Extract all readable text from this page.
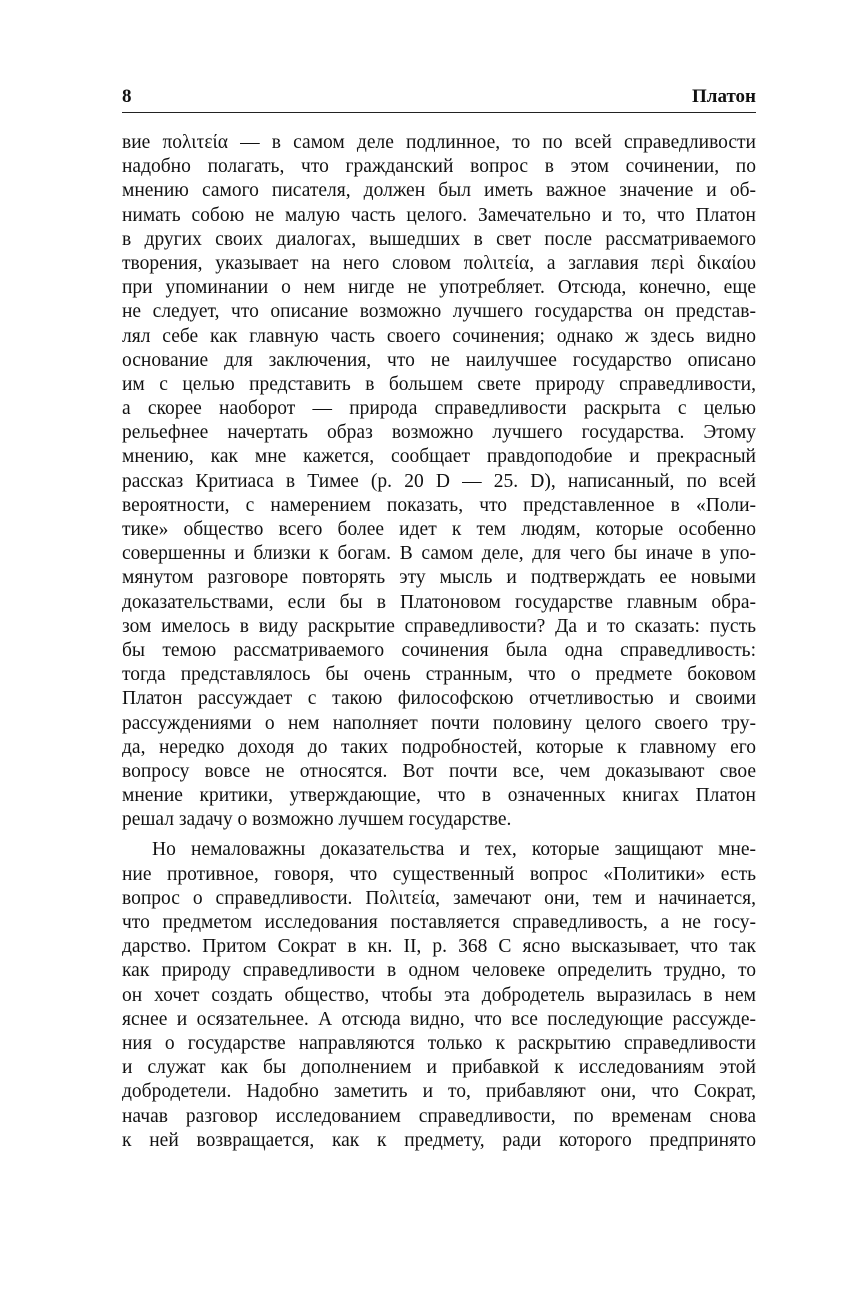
8	Платон
вие πολιτεία — в самом деле подлинное, то по всей справедливости
надобно полагать, что гражданский вопрос в этом сочинении, по
мнению самого писателя, должен был иметь важное значение и об-
нимать собою не малую часть целого. Замечательно и то, что Платон
в других своих диалогах, вышедших в свет после рассматриваемого
творения, указывает на него словом πολιτεία, а заглавия περὶ δικαίου
при упоминании о нем нигде не употребляет. Отсюда, конечно, еще
не следует, что описание возможно лучшего государства он представ-
лял себе как главную часть своего сочинения; однако ж здесь видно
основание для заключения, что не наилучшее государство описано
им с целью представить в большем свете природу справедливости,
а скорее наоборот — природа справедливости раскрыта с целью
рельефнее начертать образ возможно лучшего государства. Этому
мнению, как мне кажется, сообщает правдоподобие и прекрасный
рассказ Критиаса в Тимее (p. 20 D — 25. D), написанный, по всей
вероятности, с намерением показать, что представленное в «Поли-
тике» общество всего более идет к тем людям, которые особенно
совершенны и близки к богам. В самом деле, для чего бы иначе в упо-
мянутом разговоре повторять эту мысль и подтверждать ее новыми
доказательствами, если бы в Платоновом государстве главным обра-
зом имелось в виду раскрытие справедливости? Да и то сказать: пусть
бы темою рассматриваемого сочинения была одна справедливость:
тогда представлялось бы очень странным, что о предмете боковом
Платон рассуждает с такою философскою отчетливостью и своими
рассуждениями о нем наполняет почти половину целого своего тру-
да, нередко доходя до таких подробностей, которые к главному его
вопросу вовсе не относятся. Вот почти все, чем доказывают свое
мнение критики, утверждающие, что в означенных книгах Платон
решал задачу о возможно лучшем государстве.
Но немаловажны доказательства и тех, которые защищают мне-
ние противное, говоря, что существенный вопрос «Политики» есть
вопрос о справедливости. Πολιτεία, замечают они, тем и начинается,
что предметом исследования поставляется справедливость, а не госу-
дарство. Притом Сократ в кн. II, p. 368 C ясно высказывает, что так
как природу справедливости в одном человеке определить трудно, то
он хочет создать общество, чтобы эта добродетель выразилась в нем
яснее и осязательнее. А отсюда видно, что все последующие рассужде-
ния о государстве направляются только к раскрытию справедливости
и служат как бы дополнением и прибавкой к исследованиям этой
добродетели. Надобно заметить и то, прибавляют они, что Сократ,
начав разговор исследованием справедливости, по временам снова
к ней возвращается, как к предмету, ради которого предпринято
